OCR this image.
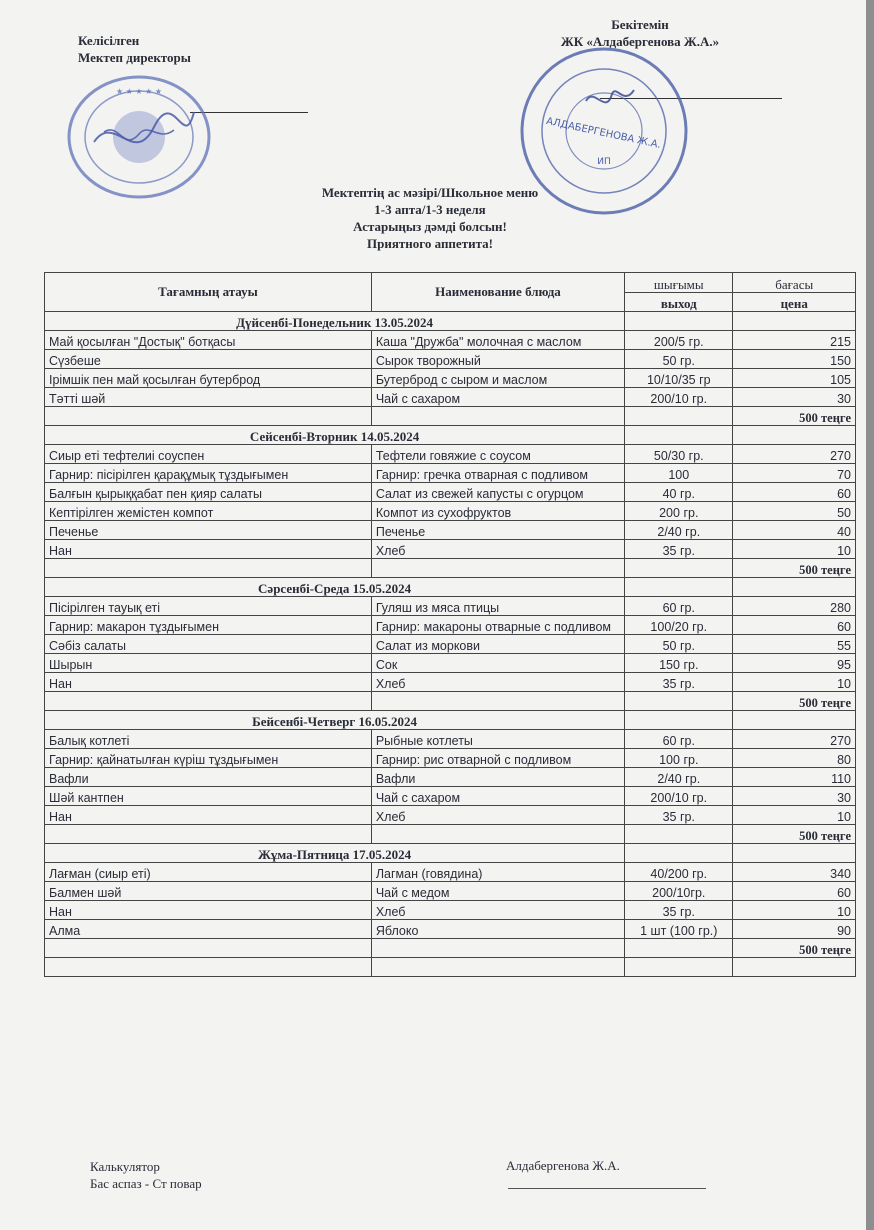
Келісілген
Мектеп директоры
Бекітемін
ЖК «Алдабергенова Ж.А.»
★ ★ ★ ★ ★
АЛДАБЕРГЕНОВА Ж.А.
ИП
Мектептің ас мәзірі/Школьное меню
1-3 апта/1-3 неделя
Астарыңыз дәмді болсын!
Приятного аппетита!
Тағамның атауы	Наименование блюда	шығымы	бағасы
		выход	цена
Дүйсенбі-Понедельник 13.05.2024			
Май қосылған "Достық" ботқасы	Каша "Дружба" молочная с маслом	200/5 гр.	215
Сүзбеше	Сырок творожный	50 гр.	150
Ірімшік пен май қосылған бутерброд	Бутерброд с сыром и маслом	10/10/35 гр	105
Тәтті шәй	Чай с сахаром	200/10 гр.	30
			500 теңге
Сейсенбі-Вторник 14.05.2024			
Сиыр еті тефтелиі соуспен	Тефтели говяжие с соусом	50/30 гр.	270
Гарнир: пісірілген қарақұмық тұздығымен	Гарнир: гречка отварная с подливом	100	70
Балғын қырыққабат пен қияр салаты	Салат из свежей капусты с огурцом	40 гр.	60
Кептірілген жемістен компот	Компот из сухофруктов	200 гр.	50
Печенье	Печенье	2/40 гр.	40
Нан	Хлеб	35 гр.	10
			500 теңге
Сәрсенбі-Среда 15.05.2024			
Пісірілген тауық еті	Гуляш из мяса птицы	60 гр.	280
Гарнир: макарон тұздығымен	Гарнир: макароны отварные с подливом	100/20 гр.	60
Сәбіз салаты	Салат из моркови	50 гр.	55
Шырын	Сок	150 гр.	95
Нан	Хлеб	35 гр.	10
			500 теңге
Бейсенбі-Четверг 16.05.2024			
Балық котлеті	Рыбные котлеты	60 гр.	270
Гарнир: қайнатылған күріш тұздығымен	Гарнир: рис отварной с подливом	100 гр.	80
Вафли	Вафли	2/40 гр.	110
Шәй кантпен	Чай с сахаром	200/10 гр.	30
Нан	Хлеб	35 гр.	10
			500 теңге
Жұма-Пятница 17.05.2024			
Лағман (сиыр еті)	Лагман (говядина)	40/200 гр.	340
Балмен шәй	Чай с медом	200/10гр.	60
Нан	Хлеб	35 гр.	10
Алма	Яблоко	1 шт (100 гр.)	90
			500 теңге

Калькулятор
Бас аспаз - Ст повар
Алдабергенова Ж.А.
